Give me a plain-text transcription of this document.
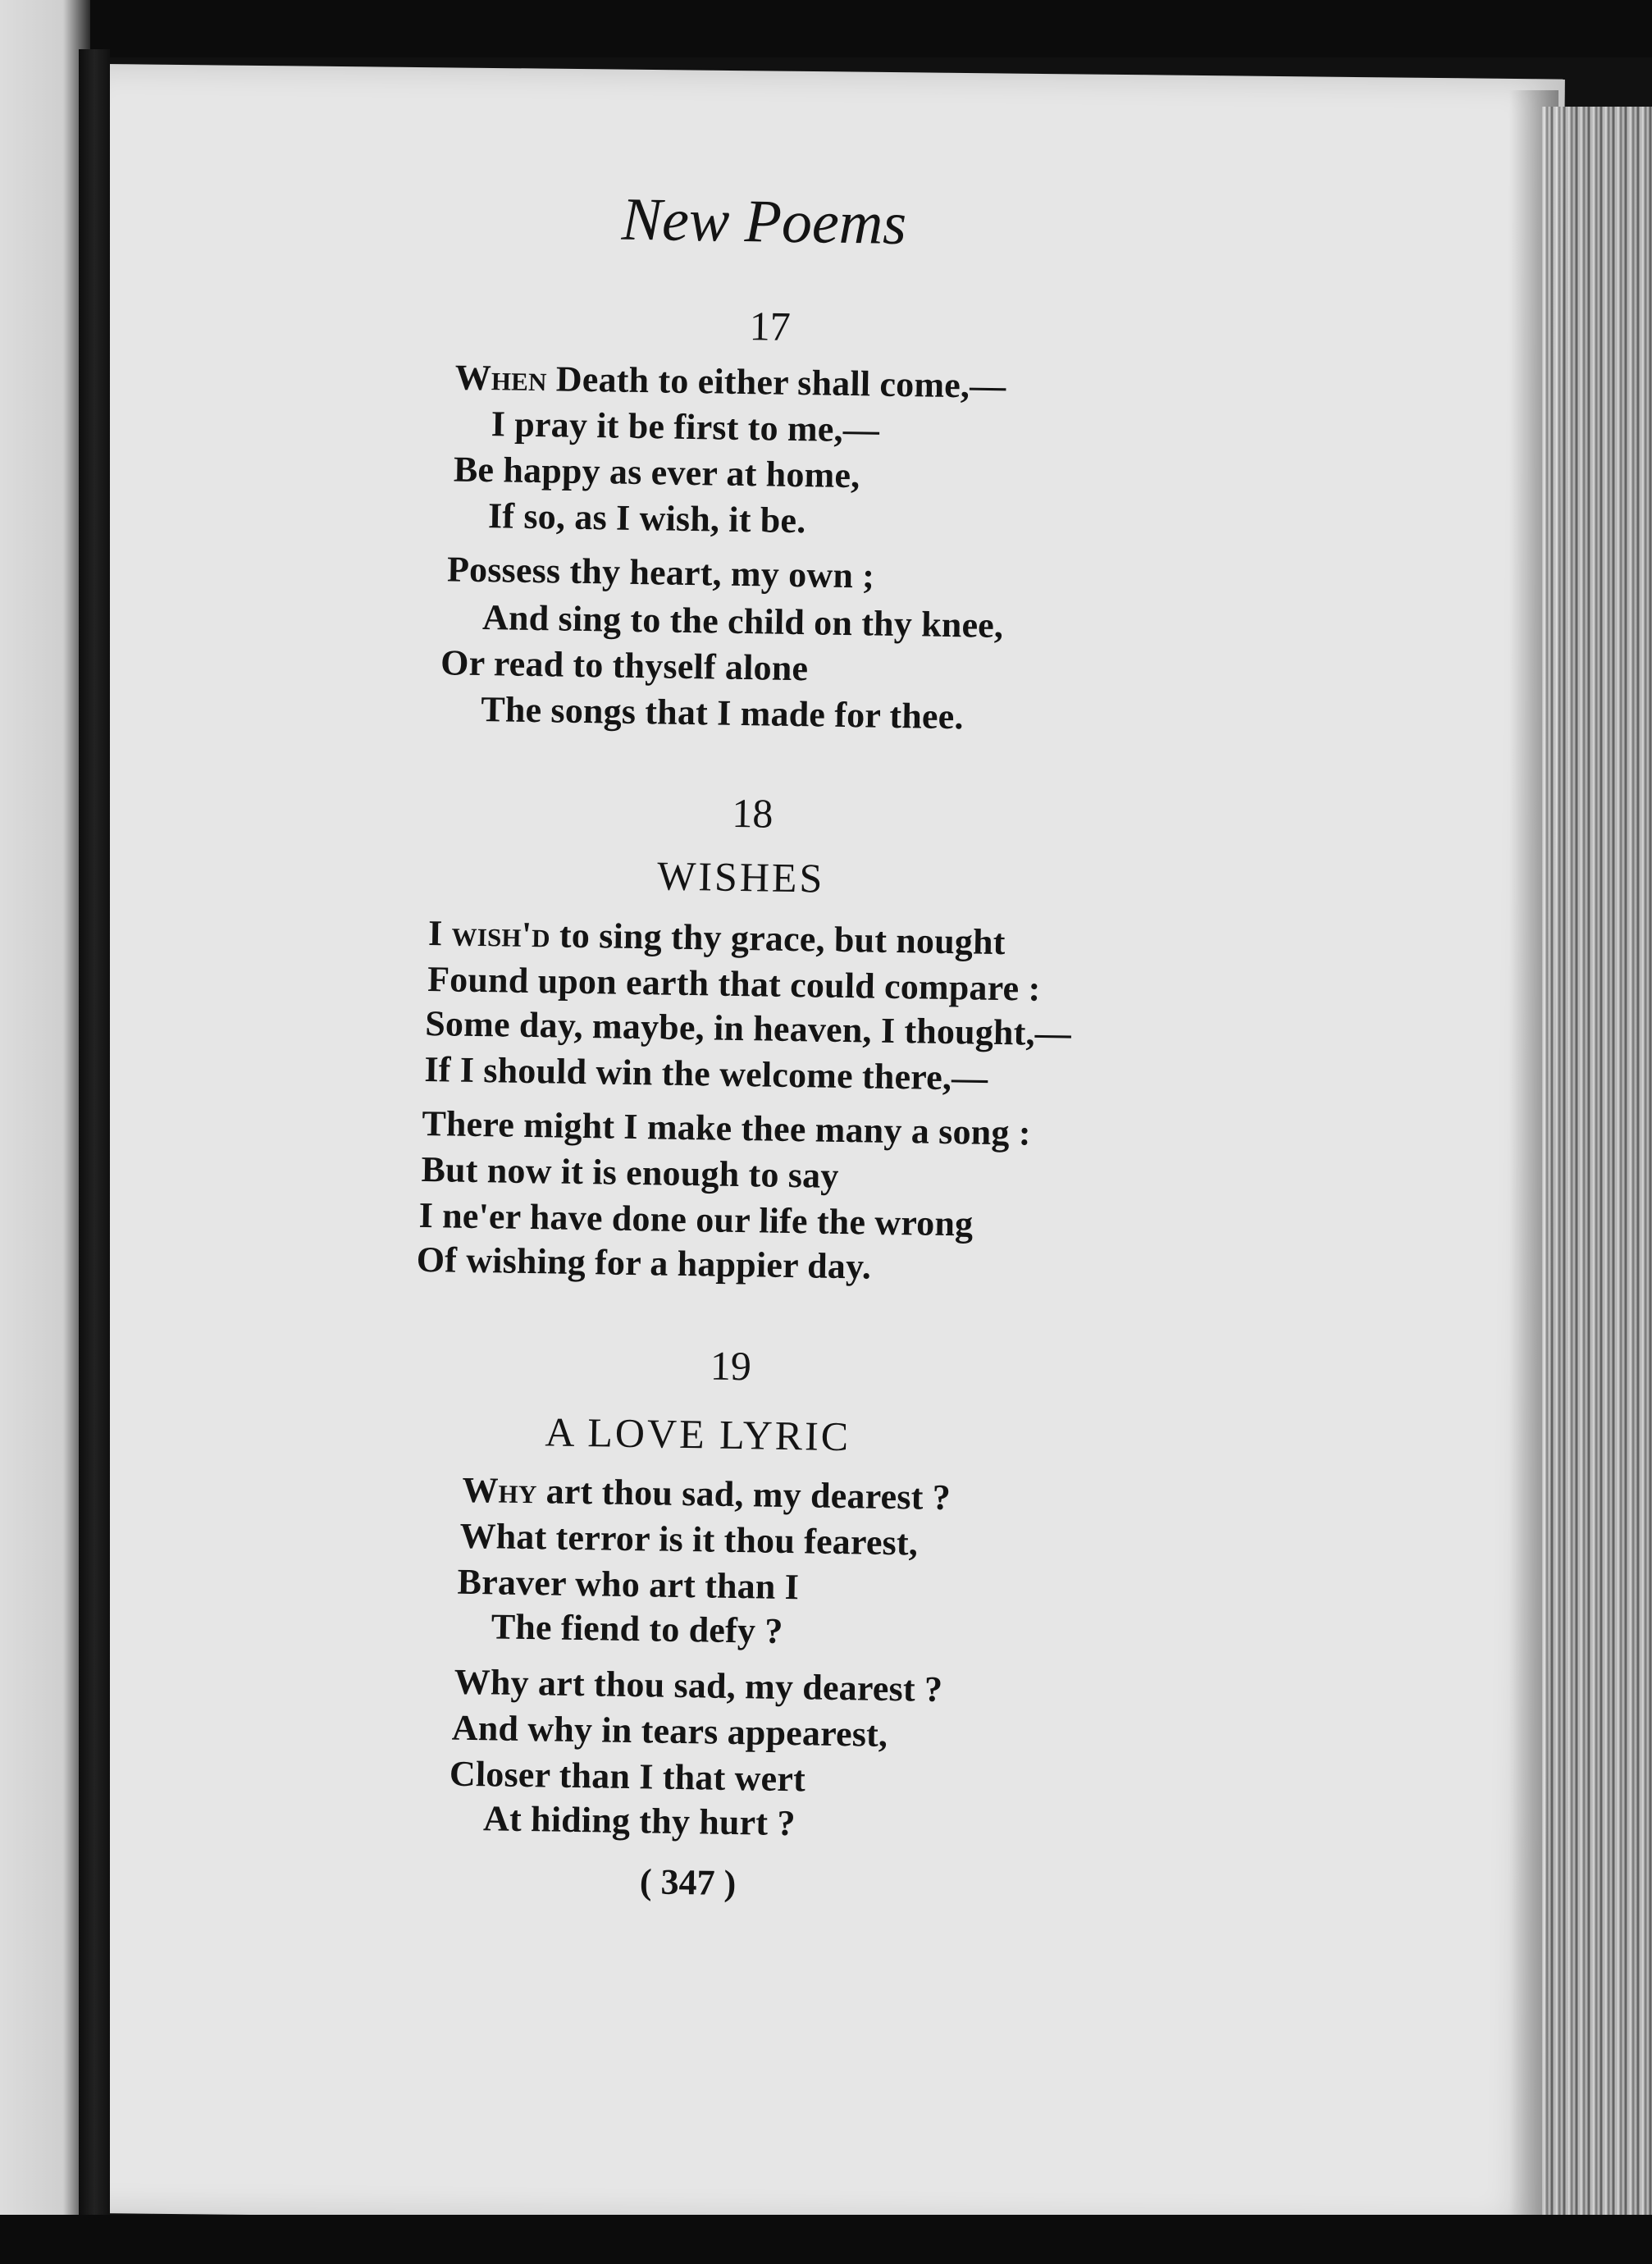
New Poems
17
When Death to either shall come,—
I pray it be first to me,—
Be happy as ever at home,
If so, as I wish, it be.
Possess thy heart, my own ;
And sing to the child on thy knee,
Or read to thyself alone
The songs that I made for thee.
18
WISHES
I wish'd to sing thy grace, but nought
Found upon earth that could compare :
Some day, maybe, in heaven, I thought,—
If I should win the welcome there,—
There might I make thee many a song :
But now it is enough to say
I ne'er have done our life the wrong
Of wishing for a happier day.
19
A LOVE LYRIC
Why art thou sad, my dearest ?
What terror is it thou fearest,
Braver who art than I
The fiend to defy ?
Why art thou sad, my dearest ?
And why in tears appearest,
Closer than I that wert
At hiding thy hurt ?
( 347 )
